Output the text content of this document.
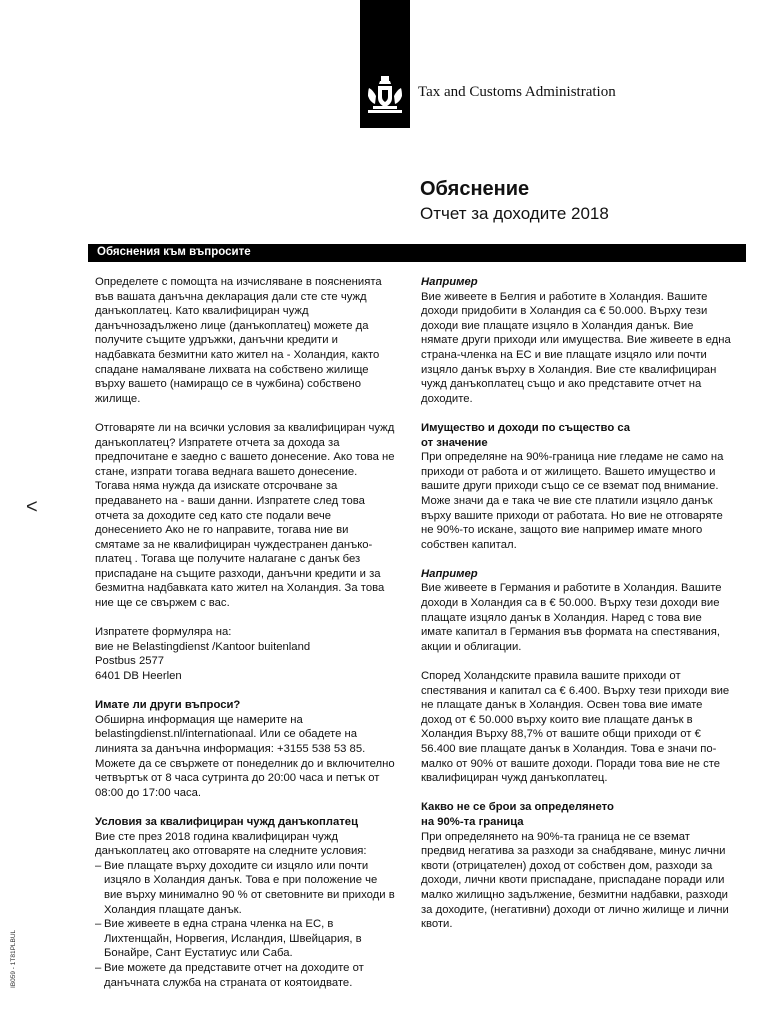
Tax and Customs Administration
Обяснение
Отчет за доходите 2018
Обяснения към въпросите

Определете с помощта на изчисляване в поясненията във вашата данъчна декларация дали сте сте чужд данъкоплатец. Като квалифициран чужд данъчнозадължено лице (данъкоплатец) можете да получите същите удръжки, данъчни кредити и надбавката безмитни като жител на - Холандия, както спадане намаляване лихвата на собствено жилище върху вашето (намиращо се в чужбина) собствено жилище.

Отговаряте ли на всички условия за квалифициран чужд данъкоплатец? Изпратете отчета за дохода за предпочитане е заедно с вашето донесение. Ако това не стане, изпрати тогава веднага вашето донесение. Тогава няма нужда да изискате отсрочване за предаването на - ваши данни. Изпратете след това отчета за доходите сед като сте подали вече донесението Ако не го направите, тогава ние ви смятаме за не квалифициран чуждестранен данъко-платец . Тогава ще получите налагане с данък без приспадане на същите разходи, данъчни кредити и за безмитна надбавката като жител на Холандия. За това ние ще се свържем с вас.

Изпратете формуляра на:

вие не Belastingdienst /Kantoor buitenland

Postbus 2577

6401 DB Heerlen

Имате ли други въпроси?

Обширна информация ще намерите на belastingdienst.nl/internationaal. Или се обадете на линията за данъчна информация: +3155 538 53 85. Можете да се свържете от понеделник до и включително четвъртък от 8 часа сутринта до 20:00 часа и петък от 08:00 до 17:00 часа.

Условия за квалифициран чужд данъкоплатец

Вие сте през 2018 година квалифициран чужд данъкоплатец ако отговаряте на следните условия:

– Вие плащате върху доходите си изцяло или почти изцяло в Холандия данък. Това е при положение че вие върху минимално 90 % от световните ви приходи в Холандия плащате данък.
– Вие живеете в една страна членка на ЕС, в Лихтенщайн, Норвегия, Исландия, Швейцария, в Бонайре, Сант Еустатиус или Саба.
– Вие можете да представите отчет на доходите от данъчната служба на страната от коятоидвате.

Например

Вие живеете в Белгия и работите в Холандия. Вашите доходи придобити в Холандия са € 50.000. Върху тези доходи вие плащате изцяло в Холандия данък. Вие нямате други приходи или имущества. Вие живеете в една страна-членка на ЕС и вие плащате изцяло или почти изцяло данък върху в Холандия. Вие сте квалифициран чужд данъкоплатец също и ако представите отчет на доходите.

Имущество и доходи по същество са

от значение

При определяне на 90%-граница ние гледаме не само на приходи от работа и от жилището. Вашето имущество и вашите други приходи също се се вземат под внимание. Може значи да е така че вие сте платили изцяло данък върху вашите приходи от работата. Но вие не отговаряте не 90%-то искане, защото вие например имате много собствен капитал.

Например

Вие живеете в Германия и работите в Холандия. Вашите доходи в Холандия са в € 50.000. Върху тези доходи вие плащате изцяло данък в Холандия. Наред с това вие имате капитал в Германия във формата на спестявания, акции и облигации.

Според Холандските правила вашите приходи от спестявания и капитал са € 6.400. Върху тези приходи вие не плащате данък в Холандия. Освен това вие имате доход от € 50.000 върху които вие плащате данък в Холандия Върху 88,7% от вашите общи приходи от € 56.400 вие плащате данък в Холандия. Това е значи по-малко от 90% от вашите доходи. Поради това вие не сте квалифициран чужд данъкоплатец.

Какво не се брои за определянето

на 90%-та граница

При определянето на 90%-та граница не се вземат предвид негатива за разходи за снабдяване, минус лични квоти (отрицателен) доход от собствен дом, разходи за доходи, лични квоти приспадане, приспадане поради или малко жилищно задължение, безмитни надбавки, разходи за доходите, (негативни) доходи от лично жилище и лични квоти.

<
IB059 - 1T81PLBUL
